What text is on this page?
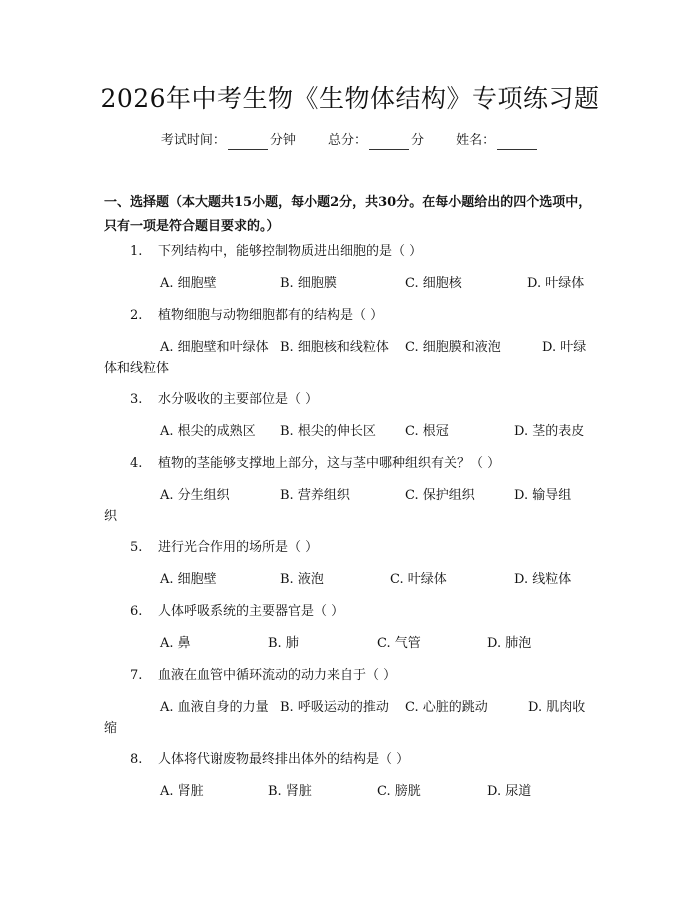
2026年中考生物《生物体结构》专项练习题
考试时间：	分钟 总分：	分 姓名：
一、选择题（本大题共15小题，每小题2分，共30分。在每小题给出的四个选项中，只有一项是符合题目要求的。）
1. 下列结构中，能够控制物质进出细胞的是（ ）
A. 细胞壁	B. 细胞膜	C. 细胞核	D. 叶绿体
2. 植物细胞与动物细胞都有的结构是（ ）
A. 细胞壁和叶绿体 B. 细胞核和线粒体 C. 细胞膜和液泡	D. 叶绿
体和线粒体
3. 水分吸收的主要部位是（ ）
A. 根尖的成熟区 B. 根尖的伸长区 C. 根冠	D. 茎的表皮
4. 植物的茎能够支撑地上部分，这与茎中哪种组织有关？（ ）
A. 分生组织	B. 营养组织	C. 保护组织	D. 输导组
织
5. 进行光合作用的场所是（ ）
A. 细胞壁	B. 液泡	C. 叶绿体	D. 线粒体
6. 人体呼吸系统的主要器官是（ ）
A. 鼻	B. 肺	C. 气管	D. 肺泡
7. 血液在血管中循环流动的动力来自于（ ）
A. 血液自身的力量 B. 呼吸运动的推动 C. 心脏的跳动	D. 肌肉收
缩
8. 人体将代谢废物最终排出体外的结构是（ ）
A. 肾脏	B. 肾脏	C. 膀胱	D. 尿道
